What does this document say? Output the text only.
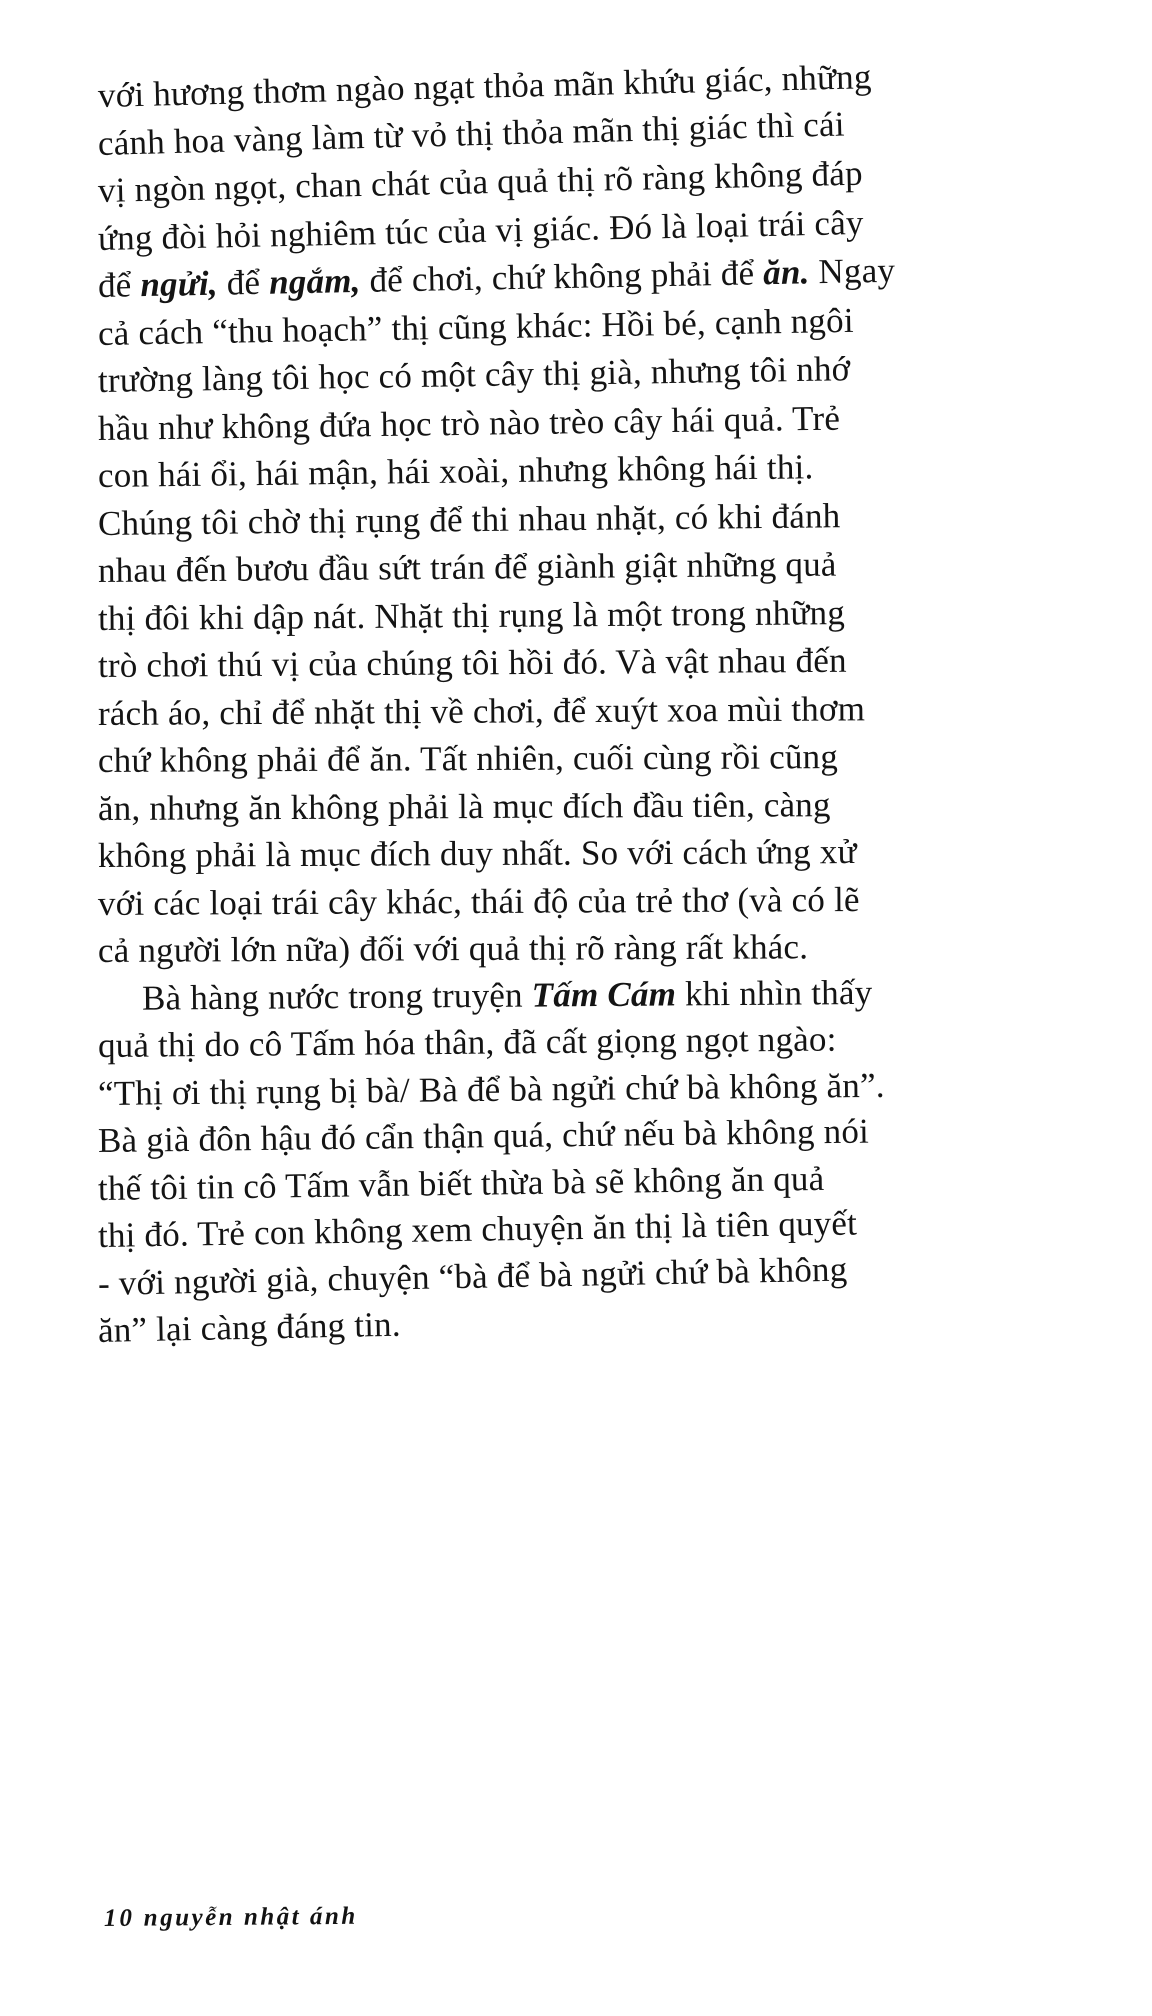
với hương thơm ngào ngạt thỏa mãn khứu giác, những
cánh hoa vàng làm từ vỏ thị thỏa mãn thị giác thì cái
vị ngòn ngọt, chan chát của quả thị rõ ràng không đáp
ứng đòi hỏi nghiêm túc của vị giác. Đó là loại trái cây
để ngửi, để ngắm, để chơi, chứ không phải để ăn. Ngay
cả cách “thu hoạch” thị cũng khác: Hồi bé, cạnh ngôi
trường làng tôi học có một cây thị già, nhưng tôi nhớ
hầu như không đứa học trò nào trèo cây hái quả. Trẻ
con hái ổi, hái mận, hái xoài, nhưng không hái thị.
Chúng tôi chờ thị rụng để thi nhau nhặt, có khi đánh
nhau đến bươu đầu sứt trán để giành giật những quả
thị đôi khi dập nát. Nhặt thị rụng là một trong những
trò chơi thú vị của chúng tôi hồi đó. Và vật nhau đến
rách áo, chỉ để nhặt thị về chơi, để xuýt xoa mùi thơm
chứ không phải để ăn. Tất nhiên, cuối cùng rồi cũng
ăn, nhưng ăn không phải là mục đích đầu tiên, càng
không phải là mục đích duy nhất. So với cách ứng xử
với các loại trái cây khác, thái độ của trẻ thơ (và có lẽ
cả người lớn nữa) đối với quả thị rõ ràng rất khác.
Bà hàng nước trong truyện Tấm Cám khi nhìn thấy
quả thị do cô Tấm hóa thân, đã cất giọng ngọt ngào:
“Thị ơi thị rụng bị bà/ Bà để bà ngửi chứ bà không ăn”.
Bà già đôn hậu đó cẩn thận quá, chứ nếu bà không nói
thế tôi tin cô Tấm vẫn biết thừa bà sẽ không ăn quả
thị đó. Trẻ con không xem chuyện ăn thị là tiên quyết
- với người già, chuyện “bà để bà ngửi chứ bà không
ăn” lại càng đáng tin.
10 nguyễn nhật ánh
